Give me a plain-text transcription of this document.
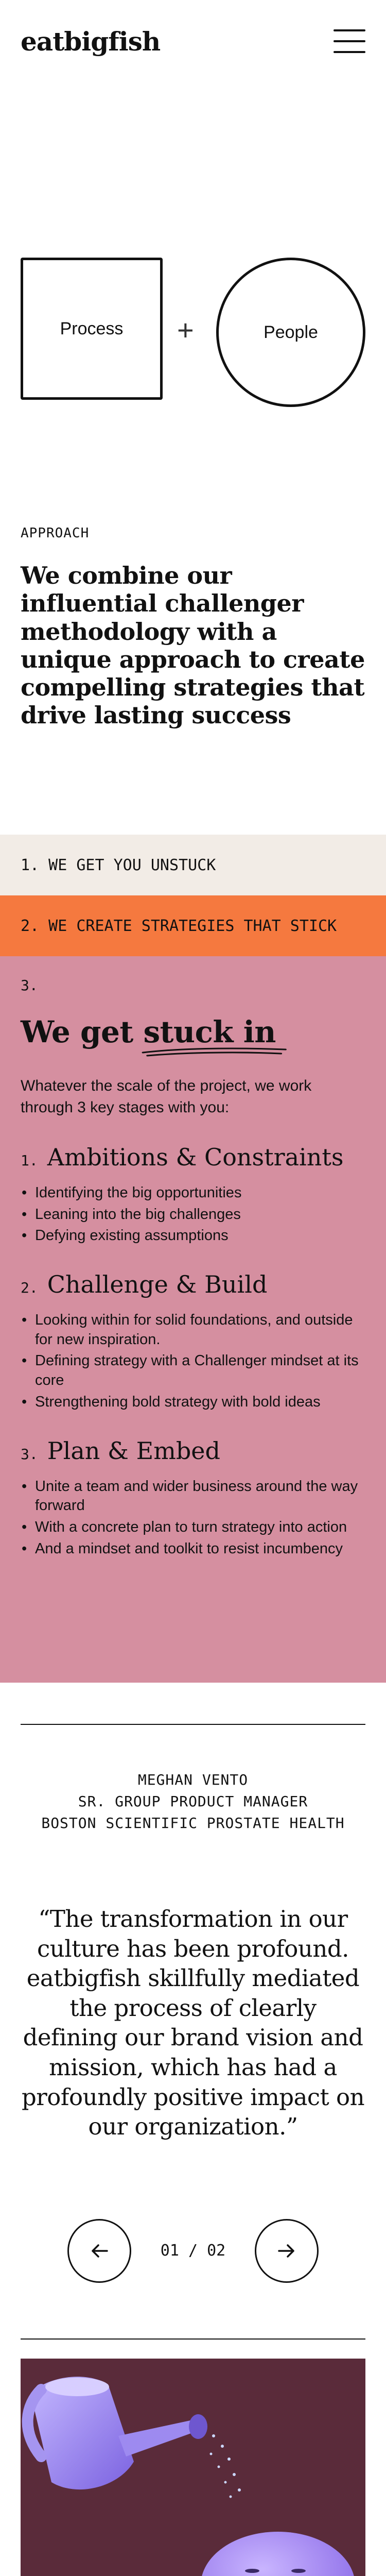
eatbigfish
Process +	People
APPROACH
We combine our influential challenger methodology with a unique approach to create compelling strategies that drive lasting success
1. WE GET YOU UNSTUCK
2. WE CREATE STRATEGIES THAT STICK
3.
We get stuck in

Whatever the scale of the project, we work through 3 key stages with you:

1. Ambitions & Constraints
• Identifying the big opportunities
• Leaning into the big challenges
• Defying existing assumptions
2. Challenge & Build
• Looking within for solid foundations, and outside for new inspiration.
• Defining strategy with a Challenger mindset at its core
• Strengthening bold strategy with bold ideas
3. Plan & Embed
• Unite a team and wider business around the way forward
• With a concrete plan to turn strategy into action
• And a mindset and toolkit to resist incumbency
MEGHAN VENTO
SR. GROUP PRODUCT MANAGER
BOSTON SCIENTIFIC PROSTATE HEALTH
“The transformation in our culture has been profound. eatbigfish skillfully mediated the process of clearly defining our brand vision and mission, which has had a profoundly positive impact on our organization.”
01 / 02
